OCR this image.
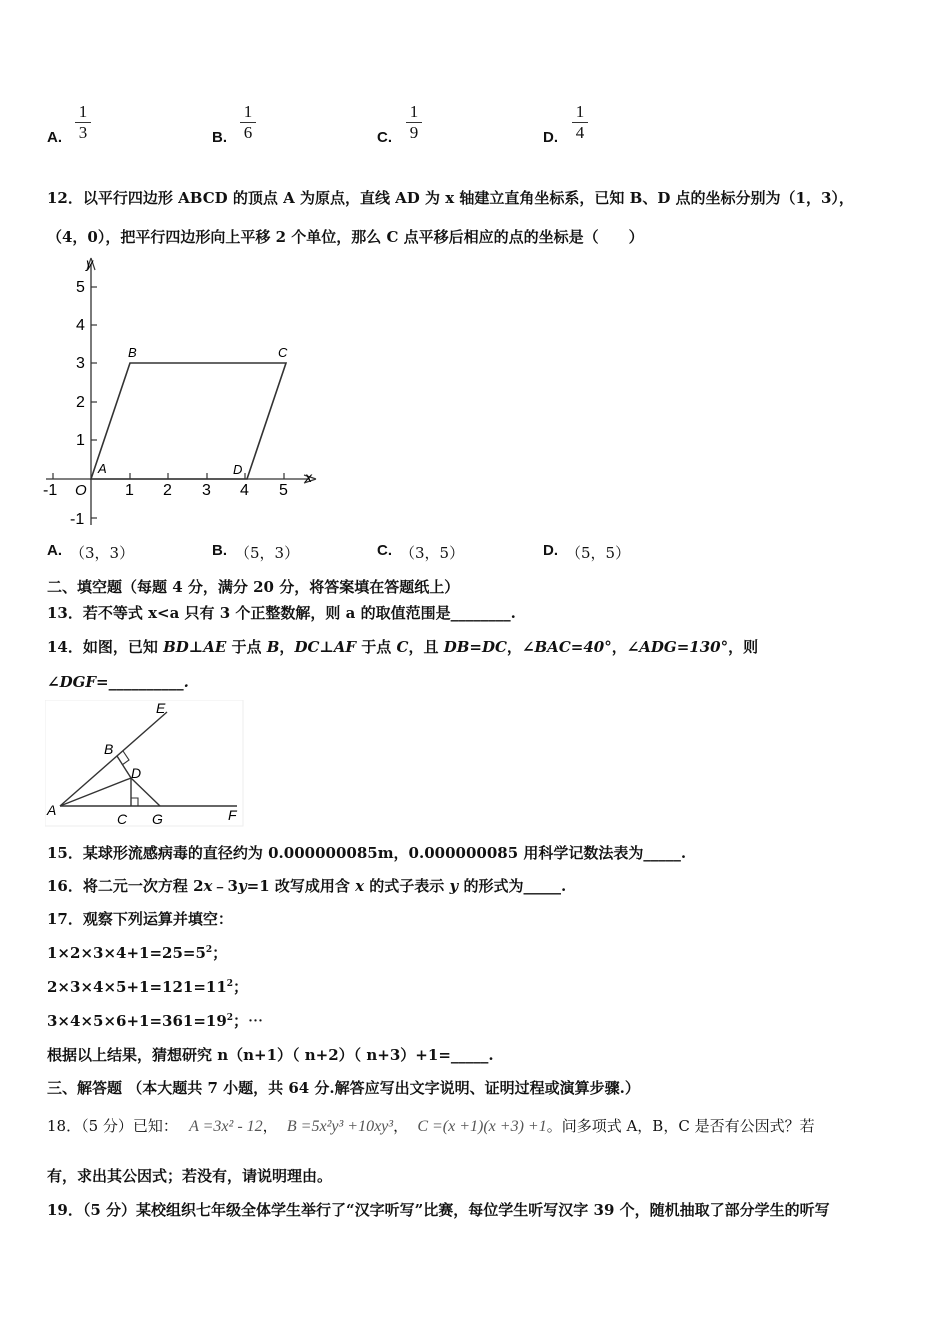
A.
1
3	B.
1
6	C.
1
9	D.
1
4
12．以平行四边形 ABCD 的顶点 A 为原点，直线 AD 为 x 轴建立直角坐标系，已知 B、D 点的坐标分别为（1，3），
（4，0），把平行四边形向上平移 2 个单位，那么 C 点平移后相应的点的坐标是（　　）
y
x
O
5
4
3
2
1
-1
-1	1 2 3 4 5
A
B	C
D
A. （3，3）	B. （5，3）	C. （3，5）	D. （5，5）
二、填空题（每题 4 分，满分 20 分，将答案填在答题纸上）
13．若不等式 x<a 只有 3 个正整数解，则 a 的取值范围是________.
14．如图，已知 BD⊥AE 于点 B，DC⊥AF 于点 C，且 DB=DC，∠BAC=40°，∠ADG=130°，则
∠DGF=__________.
E
B
D
A
C G	F
15．某球形流感病毒的直径约为 0.000000085m，0.000000085 用科学记数法表为_____.
16．将二元一次方程 2x﹣3y=1 改写成用含 x 的式子表示 y 的形式为_____.
17．观察下列运算并填空：
$1\times 2\times 3\times 4+1=25=5^2$；
$2\times 3\times 4\times 5+1=121=11^2$；
$3\times 4\times 5\times 6+1=361=19^2$；⋯
根据以上结果，猜想研究 n（n+1）（ n+2）（ n+3）+1=_____.
三、解答题 （本大题共 7 小题，共 64 分.解答应写出文字说明、证明过程或演算步骤.）
18．（5 分）已知： A =3x² - 12， B =5x²y³ +10xy³， C =(x +1)(x +3) +1。问多项式 A，B，C 是否有公因式？若
有，求出其公因式；若没有，请说明理由。
19．（5 分）某校组织七年级全体学生举行了“汉字听写”比赛，每位学生听写汉字 39 个，随机抽取了部分学生的听写
